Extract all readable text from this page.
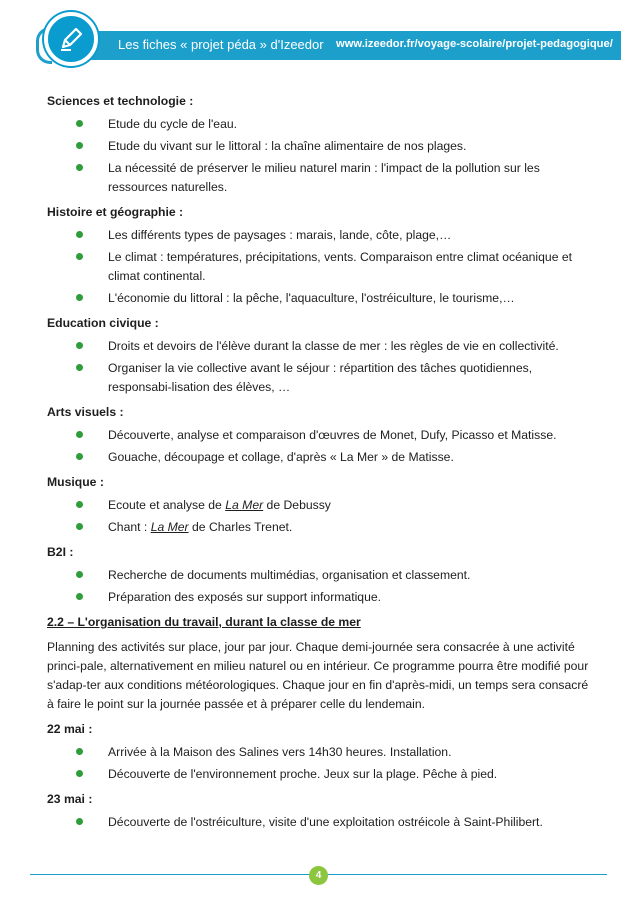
Les fiches « projet péda » d'Izeedor www.izeedor.fr/voyage-scolaire/projet-pedagogique/

Sciences et technologie :

Etude du cycle de l'eau.
Etude du vivant sur le littoral : la chaîne alimentaire de nos plages.
La nécessité de préserver le milieu naturel marin : l'impact de la pollution sur les ressources naturelles.

Histoire et géographie :

Les différents types de paysages : marais, lande, côte, plage,…
Le climat : températures, précipitations, vents. Comparaison entre climat océanique et climat continental.
L'économie du littoral : la pêche, l'aquaculture, l'ostréiculture, le tourisme,…

Education civique :

Droits et devoirs de l'élève durant la classe de mer : les règles de vie en collectivité.
Organiser la vie collective avant le séjour : répartition des tâches quotidiennes, responsabi-lisation des élèves, …

Arts visuels :

Découverte, analyse et comparaison d'œuvres de Monet, Dufy, Picasso et Matisse.
Gouache, découpage et collage, d'après « La Mer » de Matisse.

Musique :

Ecoute et analyse de La Mer de Debussy
Chant : La Mer de Charles Trenet.

B2I :

Recherche de documents multimédias, organisation et classement.
Préparation des exposés sur support informatique.

2.2 – L'organisation du travail, durant la classe de mer

Planning des activités sur place, jour par jour. Chaque demi-journée sera consacrée à une activité princi-pale, alternativement en milieu naturel ou en intérieur. Ce programme pourra être modifié pour s'adap-ter aux conditions météorologiques. Chaque jour en fin d'après-midi, un temps sera consacré à faire le point sur la journée passée et à préparer celle du lendemain.

22 mai :

Arrivée à la Maison des Salines vers 14h30 heures. Installation.
Découverte de l'environnement proche. Jeux sur la plage. Pêche à pied.

23 mai :

Découverte de l'ostréiculture, visite d'une exploitation ostréicole à Saint-Philibert.
4
